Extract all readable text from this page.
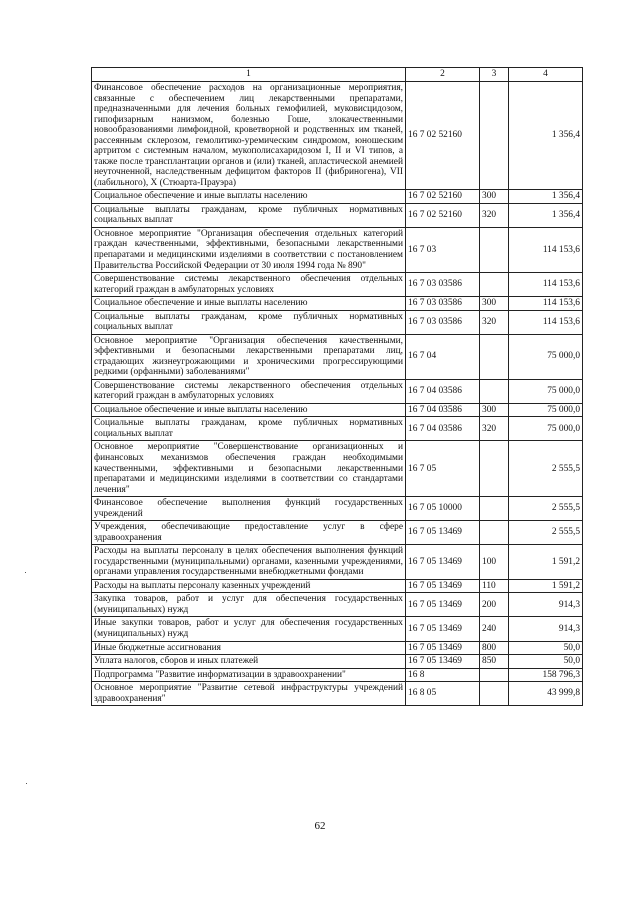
1	2	3	4
Финансовое обеспечение расходов на организационные мероприятия, связанные с обеспечением лиц лекарственными препаратами, предназначенными для лечения больных гемофилией, муковисцидозом, гипофизарным нанизмом, болезнью Гоше, злокачественными новообразованиями лимфоидной, кроветворной и родственных им тканей, рассеянным склерозом, гемолитико-уремическим синдромом, юношеским артритом с системным началом, мукополисахаридозом I, II и VI типов, а также после трансплантации органов и (или) тканей, апластической анемией неуточненной, наследственным дефицитом факторов II (фибриногена), VII (лабильного), X (Стюарта-Прауэра)	16 7 02 52160		1 356,4
Социальное обеспечение и иные выплаты населению	16 7 02 52160	300	1 356,4
Социальные выплаты гражданам, кроме публичных нормативных социальных выплат	16 7 02 52160	320	1 356,4
Основное мероприятие "Организация обеспечения отдельных категорий граждан качественными, эффективными, безопасными лекарственными препаратами и медицинскими изделиями в соответствии с постановлением Правительства Российской Федерации от 30 июля 1994 года № 890"	16 7 03		114 153,6
Совершенствование системы лекарственного обеспечения отдельных категорий граждан в амбулаторных условиях	16 7 03 03586		114 153,6
Социальное обеспечение и иные выплаты населению	16 7 03 03586	300	114 153,6
Социальные выплаты гражданам, кроме публичных нормативных социальных выплат	16 7 03 03586	320	114 153,6
Основное мероприятие "Организация обеспечения качественными, эффективными и безопасными лекарственными препаратами лиц, страдающих жизнеугрожающими и хроническими прогрессирующими редкими (орфанными) заболеваниями"	16 7 04		75 000,0
Совершенствование системы лекарственного обеспечения отдельных категорий граждан в амбулаторных условиях	16 7 04 03586		75 000,0
Социальное обеспечение и иные выплаты населению	16 7 04 03586	300	75 000,0
Социальные выплаты гражданам, кроме публичных нормативных социальных выплат	16 7 04 03586	320	75 000,0
Основное мероприятие "Совершенствование организационных и финансовых механизмов обеспечения граждан необходимыми качественными, эффективными и безопасными лекарственными препаратами и медицинскими изделиями в соответствии со стандартами лечения"	16 7 05		2 555,5
Финансовое обеспечение выполнения функций государственных учреждений	16 7 05 10000		2 555,5
Учреждения, обеспечивающие предоставление услуг в сфере здравоохранения	16 7 05 13469		2 555,5
Расходы на выплаты персоналу в целях обеспечения выполнения функций государственными (муниципальными) органами, казенными учреждениями, органами управления государственными внебюджетными фондами	16 7 05 13469	100	1 591,2
Расходы на выплаты персоналу казенных учреждений	16 7 05 13469	110	1 591,2
Закупка товаров, работ и услуг для обеспечения государственных (муниципальных) нужд	16 7 05 13469	200	914,3
Иные закупки товаров, работ и услуг для обеспечения государственных (муниципальных) нужд	16 7 05 13469	240	914,3
Иные бюджетные ассигнования	16 7 05 13469	800	50,0
Уплата налогов, сборов и иных платежей	16 7 05 13469	850	50,0
Подпрограмма "Развитие информатизации в здравоохранении"	16 8		158 796,3
Основное мероприятие "Развитие сетевой инфраструктуры учреждений здравоохранения"	16 8 05		43 999,8
62
